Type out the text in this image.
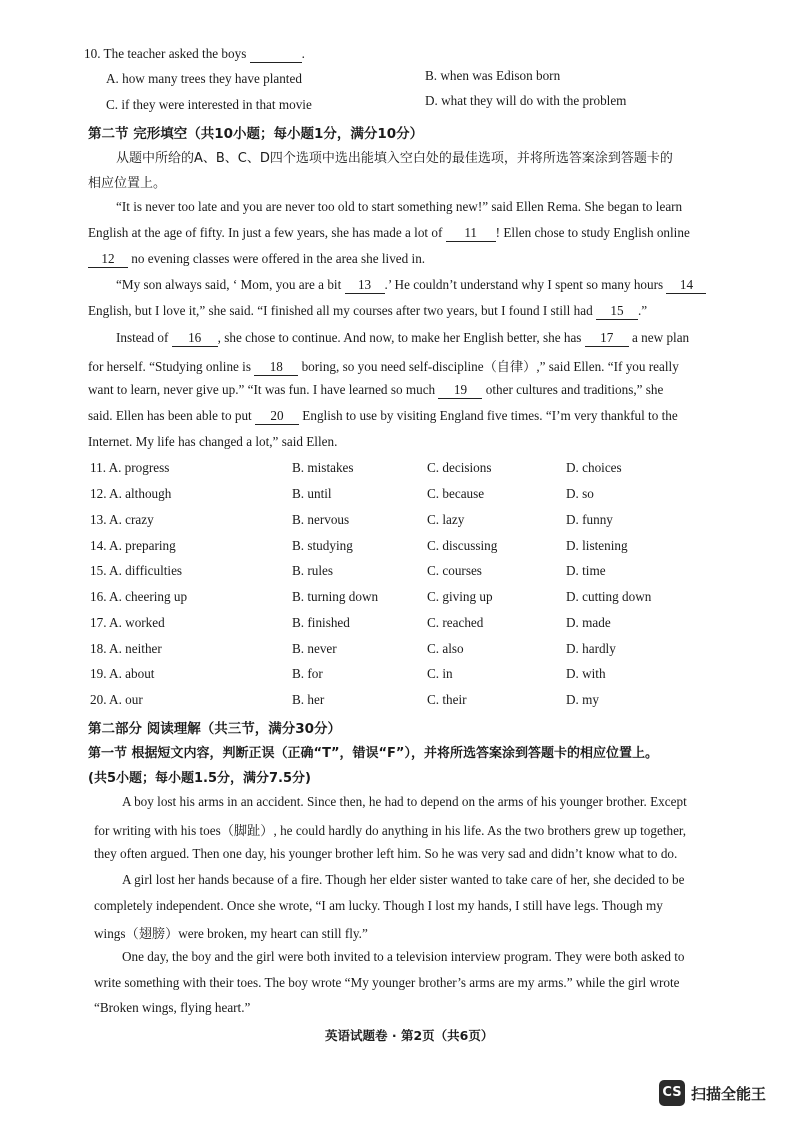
10. The teacher asked the boys	.
A. how many trees they have planted	B. when was Edison born
C. if they were interested in that movie	D. what they will do with the problem
第二节 完形填空（共10小题；每小题1分，满分10分）
从题中所给的A、B、C、D四个选项中选出能填入空白处的最佳选项，并将所选答案涂到答题卡的
相应位置上。
“It is never too late and you are never too old to start something new!” said Ellen Rema. She began to learn
English at the age of fifty. In just a few years, she has made a lot of 11 ! Ellen chose to study English online
12 no evening classes were offered in the area she lived in.
“My son always said, ‘ Mom, you are a bit 13 .’ He couldn’t understand why I spent so many hours 14
English, but I love it,” she said. “I finished all my courses after two years, but I found I still had 15 .”
Instead of 16 , she chose to continue. And now, to make her English better, she has 17 a new plan
for herself. “Studying online is 18 boring, so you need self-discipline（自律）,” said Ellen. “If you really
want to learn, never give up.” “It was fun. I have learned so much 19 other cultures and traditions,” she
said. Ellen has been able to put 20 English to use by visiting England five times. “I’m very thankful to the
Internet. My life has changed a lot,” said Ellen.
11. A. progress	B. mistakes	C. decisions	D. choices
12. A. although	B. until	C. because	D. so
13. A. crazy	B. nervous	C. lazy	D. funny
14. A. preparing	B. studying	C. discussing	D. listening
15. A. difficulties	B. rules	C. courses	D. time
16. A. cheering up	B. turning down	C. giving up	D. cutting down
17. A. worked	B. finished	C. reached	D. made
18. A. neither	B. never	C. also	D. hardly
19. A. about	B. for	C. in	D. with
20. A. our	B. her	C. their	D. my
第二部分 阅读理解（共三节，满分30分）
第一节 根据短文内容，判断正误（正确“T”，错误“F”），并将所选答案涂到答题卡的相应位置上。
(共5小题；每小题1.5分，满分7.5分)
A boy lost his arms in an accident. Since then, he had to depend on the arms of his younger brother. Except
for writing with his toes（脚趾）, he could hardly do anything in his life. As the two brothers grew up together,
they often argued. Then one day, his younger brother left him. So he was very sad and didn’t know what to do.
A girl lost her hands because of a fire. Though her elder sister wanted to take care of her, she decided to be
completely independent. Once she wrote, “I am lucky. Though I lost my hands, I still have legs. Though my
wings（翅膀）were broken, my heart can still fly.”
One day, the boy and the girl were both invited to a television interview program. They were both asked to
write something with their toes. The boy wrote “My younger brother’s arms are my arms.” while the girl wrote
“Broken wings, flying heart.”
英语试题卷 · 第2页（共6页）
CS 扫描全能王
